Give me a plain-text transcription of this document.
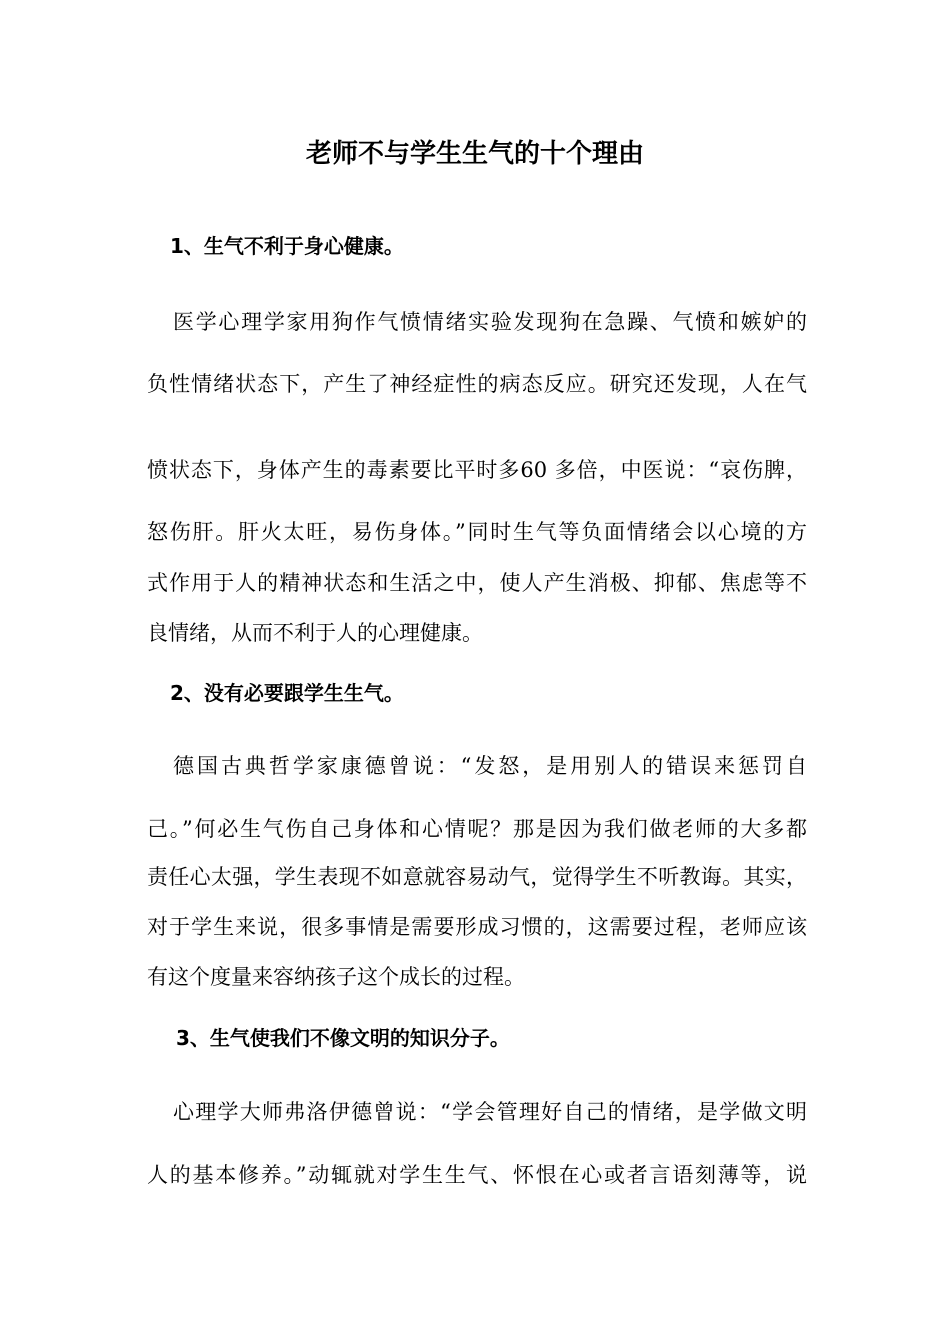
老师不与学生生气的十个理由
1、生气不利于身心健康。

医学心理学家用狗作气愤情绪实验发现狗在急躁、气愤和嫉妒的

负性情绪状态下，产生了神经症性的病态反应。研究还发现，人在气

愤状态下，身体产生的毒素要比平时多60 多倍，中医说：“哀伤脾，

怒伤肝。肝火太旺，易伤身体。”同时生气等负面情绪会以心境的方

式作用于人的精神状态和生活之中，使人产生消极、抑郁、焦虑等不

良情绪，从而不利于人的心理健康。

2、没有必要跟学生生气。

德国古典哲学家康德曾说：“发怒，是用别人的错误来惩罚自

己。”何必生气伤自己身体和心情呢？那是因为我们做老师的大多都

责任心太强，学生表现不如意就容易动气，觉得学生不听教诲。其实，

对于学生来说，很多事情是需要形成习惯的，这需要过程，老师应该

有这个度量来容纳孩子这个成长的过程。

3、生气使我们不像文明的知识分子。

心理学大师弗洛伊德曾说：“学会管理好自己的情绪，是学做文明

人的基本修养。”动辄就对学生生气、怀恨在心或者言语刻薄等，说
